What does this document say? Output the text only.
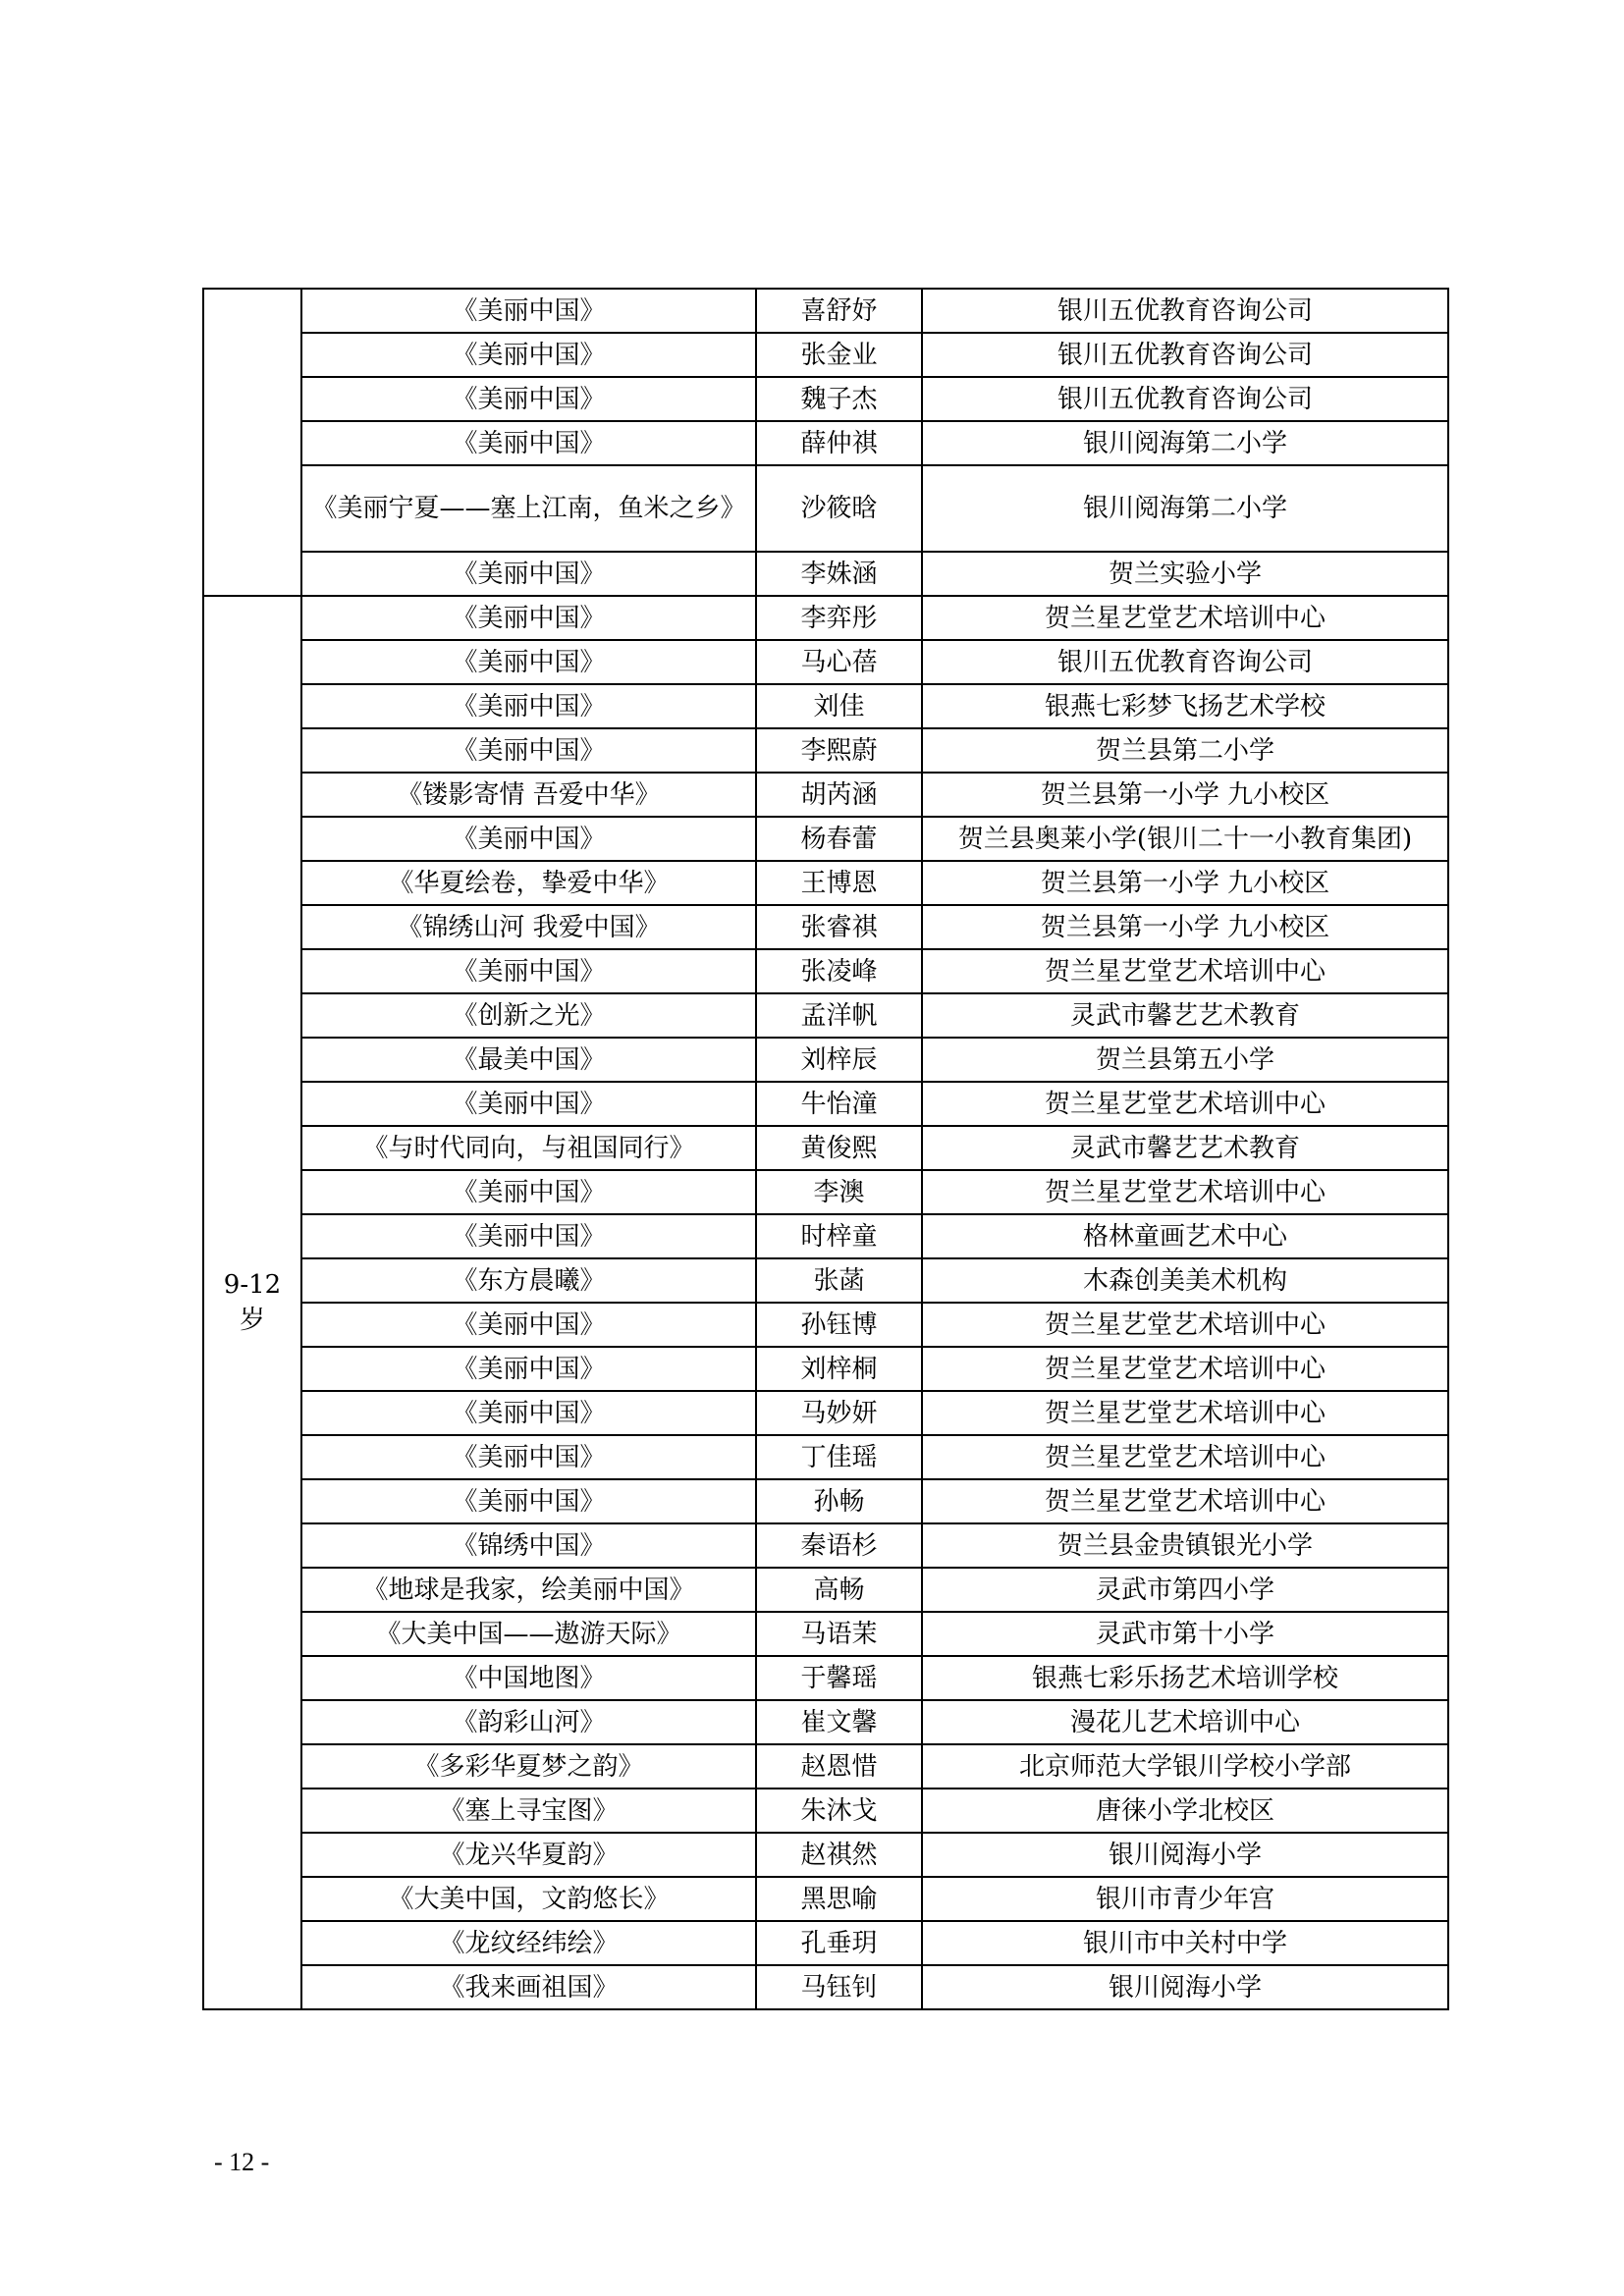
	《美丽中国》	喜舒妤	银川五优教育咨询公司
	《美丽中国》	张金业	银川五优教育咨询公司
	《美丽中国》	魏子杰	银川五优教育咨询公司
	《美丽中国》	薛仲祺	银川阅海第二小学
	《美丽宁夏——塞上江南，鱼米之乡》	沙筱晗	银川阅海第二小学
	《美丽中国》	李姝涵	贺兰实验小学

9-12
岁	《美丽中国》	李弈彤	贺兰星艺堂艺术培训中心
	《美丽中国》	马心蓓	银川五优教育咨询公司
	《美丽中国》	刘佳	银燕七彩梦飞扬艺术学校
	《美丽中国》	李熙蔚	贺兰县第二小学
	《镂影寄情 吾爱中华》	胡芮涵	贺兰县第一小学 九小校区
	《美丽中国》	杨春蕾	贺兰县奥莱小学(银川二十一小教育集团)
	《华夏绘卷，挚爱中华》	王博恩	贺兰县第一小学 九小校区
	《锦绣山河 我爱中国》	张睿祺	贺兰县第一小学 九小校区
	《美丽中国》	张凌峰	贺兰星艺堂艺术培训中心
	《创新之光》	孟洋帆	灵武市馨艺艺术教育
	《最美中国》	刘梓辰	贺兰县第五小学
	《美丽中国》	牛怡潼	贺兰星艺堂艺术培训中心
	《与时代同向，与祖国同行》	黄俊熙	灵武市馨艺艺术教育
	《美丽中国》	李澳	贺兰星艺堂艺术培训中心
	《美丽中国》	时梓童	格林童画艺术中心
	《东方晨曦》	张菡	木森创美美术机构
	《美丽中国》	孙钰博	贺兰星艺堂艺术培训中心
	《美丽中国》	刘梓桐	贺兰星艺堂艺术培训中心
	《美丽中国》	马妙妍	贺兰星艺堂艺术培训中心
	《美丽中国》	丁佳瑶	贺兰星艺堂艺术培训中心
	《美丽中国》	孙畅	贺兰星艺堂艺术培训中心
	《锦绣中国》	秦语杉	贺兰县金贵镇银光小学
	《地球是我家，绘美丽中国》	高畅	灵武市第四小学
	《大美中国——遨游天际》	马语茉	灵武市第十小学
	《中国地图》	于馨瑶	银燕七彩乐扬艺术培训学校
	《韵彩山河》	崔文馨	漫花儿艺术培训中心
	《多彩华夏梦之韵》	赵恩惜	北京师范大学银川学校小学部
	《塞上寻宝图》	朱沐戈	唐徕小学北校区
	《龙兴华夏韵》	赵祺然	银川阅海小学
	《大美中国，文韵悠长》	黑思喻	银川市青少年宫
	《龙纹经纬绘》	孔垂玥	银川市中关村中学
	《我来画祖国》	马钰钊	银川阅海小学
- 12 -
